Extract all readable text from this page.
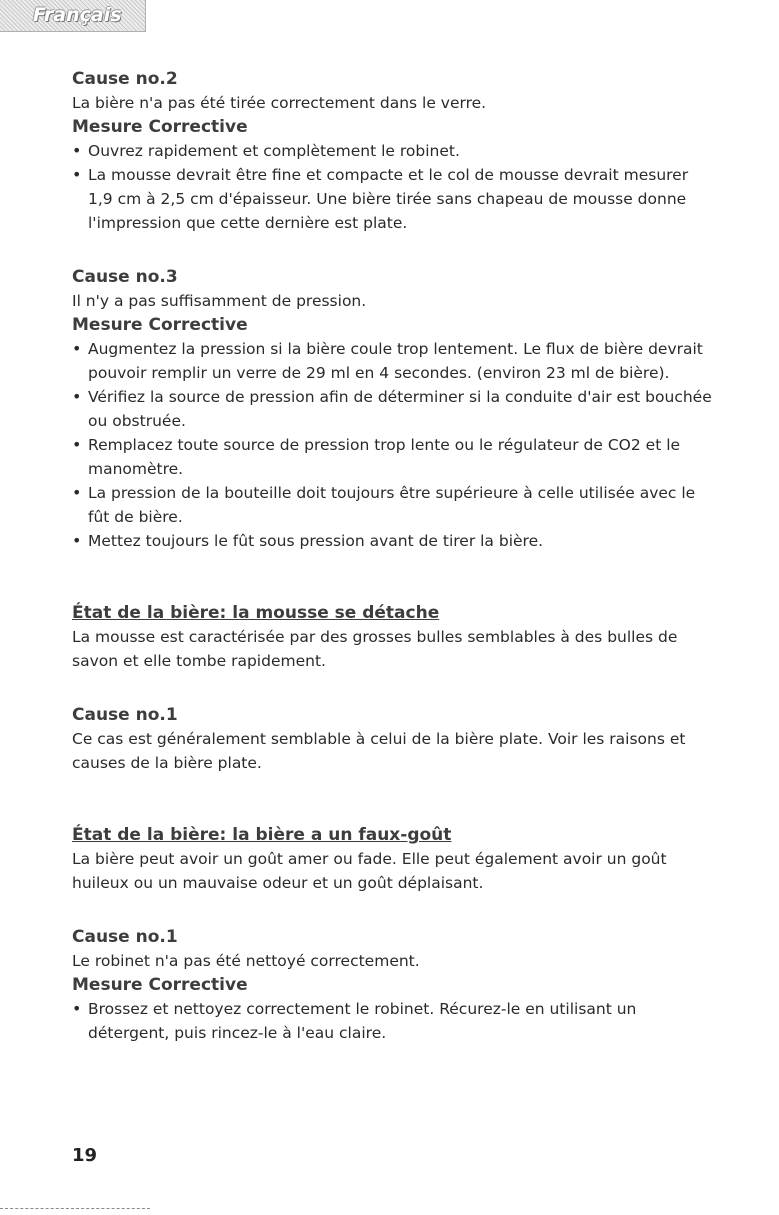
Français
Cause no.2

La bière n'a pas été tirée correctement dans le verre.

Mesure Corrective
• Ouvrez rapidement et complètement le robinet.
• La mousse devrait être fine et compacte et le col de mousse devrait mesurer 1,9 cm à 2,5 cm d'épaisseur. Une bière tirée sans chapeau de mousse donne l'impression que cette dernière est plate.
Cause no.3

Il n'y a pas suffisamment de pression.

Mesure Corrective
• Augmentez la pression si la bière coule trop lentement. Le flux de bière devrait pouvoir remplir un verre de 29 ml en 4 secondes. (environ 23 ml de bière).
• Vérifiez la source de pression afin de déterminer si la conduite d'air est bouchée ou obstruée.
• Remplacez toute source de pression trop lente ou le régulateur de CO2 et le manomètre.
• La pression de la bouteille doit toujours être supérieure à celle utilisée avec le fût de bière.
• Mettez toujours le fût sous pression avant de tirer la bière.
État de la bière: la mousse se détache

La mousse est caractérisée par des grosses bulles semblables à des bulles de savon et elle tombe rapidement.

Cause no.1

Ce cas est généralement semblable à celui de la bière plate. Voir les raisons et causes de la bière plate.

État de la bière: la bière a un faux-goût

La bière peut avoir un goût amer ou fade. Elle peut également avoir un goût huileux ou un mauvaise odeur et un goût déplaisant.

Cause no.1

Le robinet n'a pas été nettoyé correctement.

Mesure Corrective
• Brossez et nettoyez correctement le robinet. Récurez-le en utilisant un détergent, puis rincez-le à l'eau claire.
19
